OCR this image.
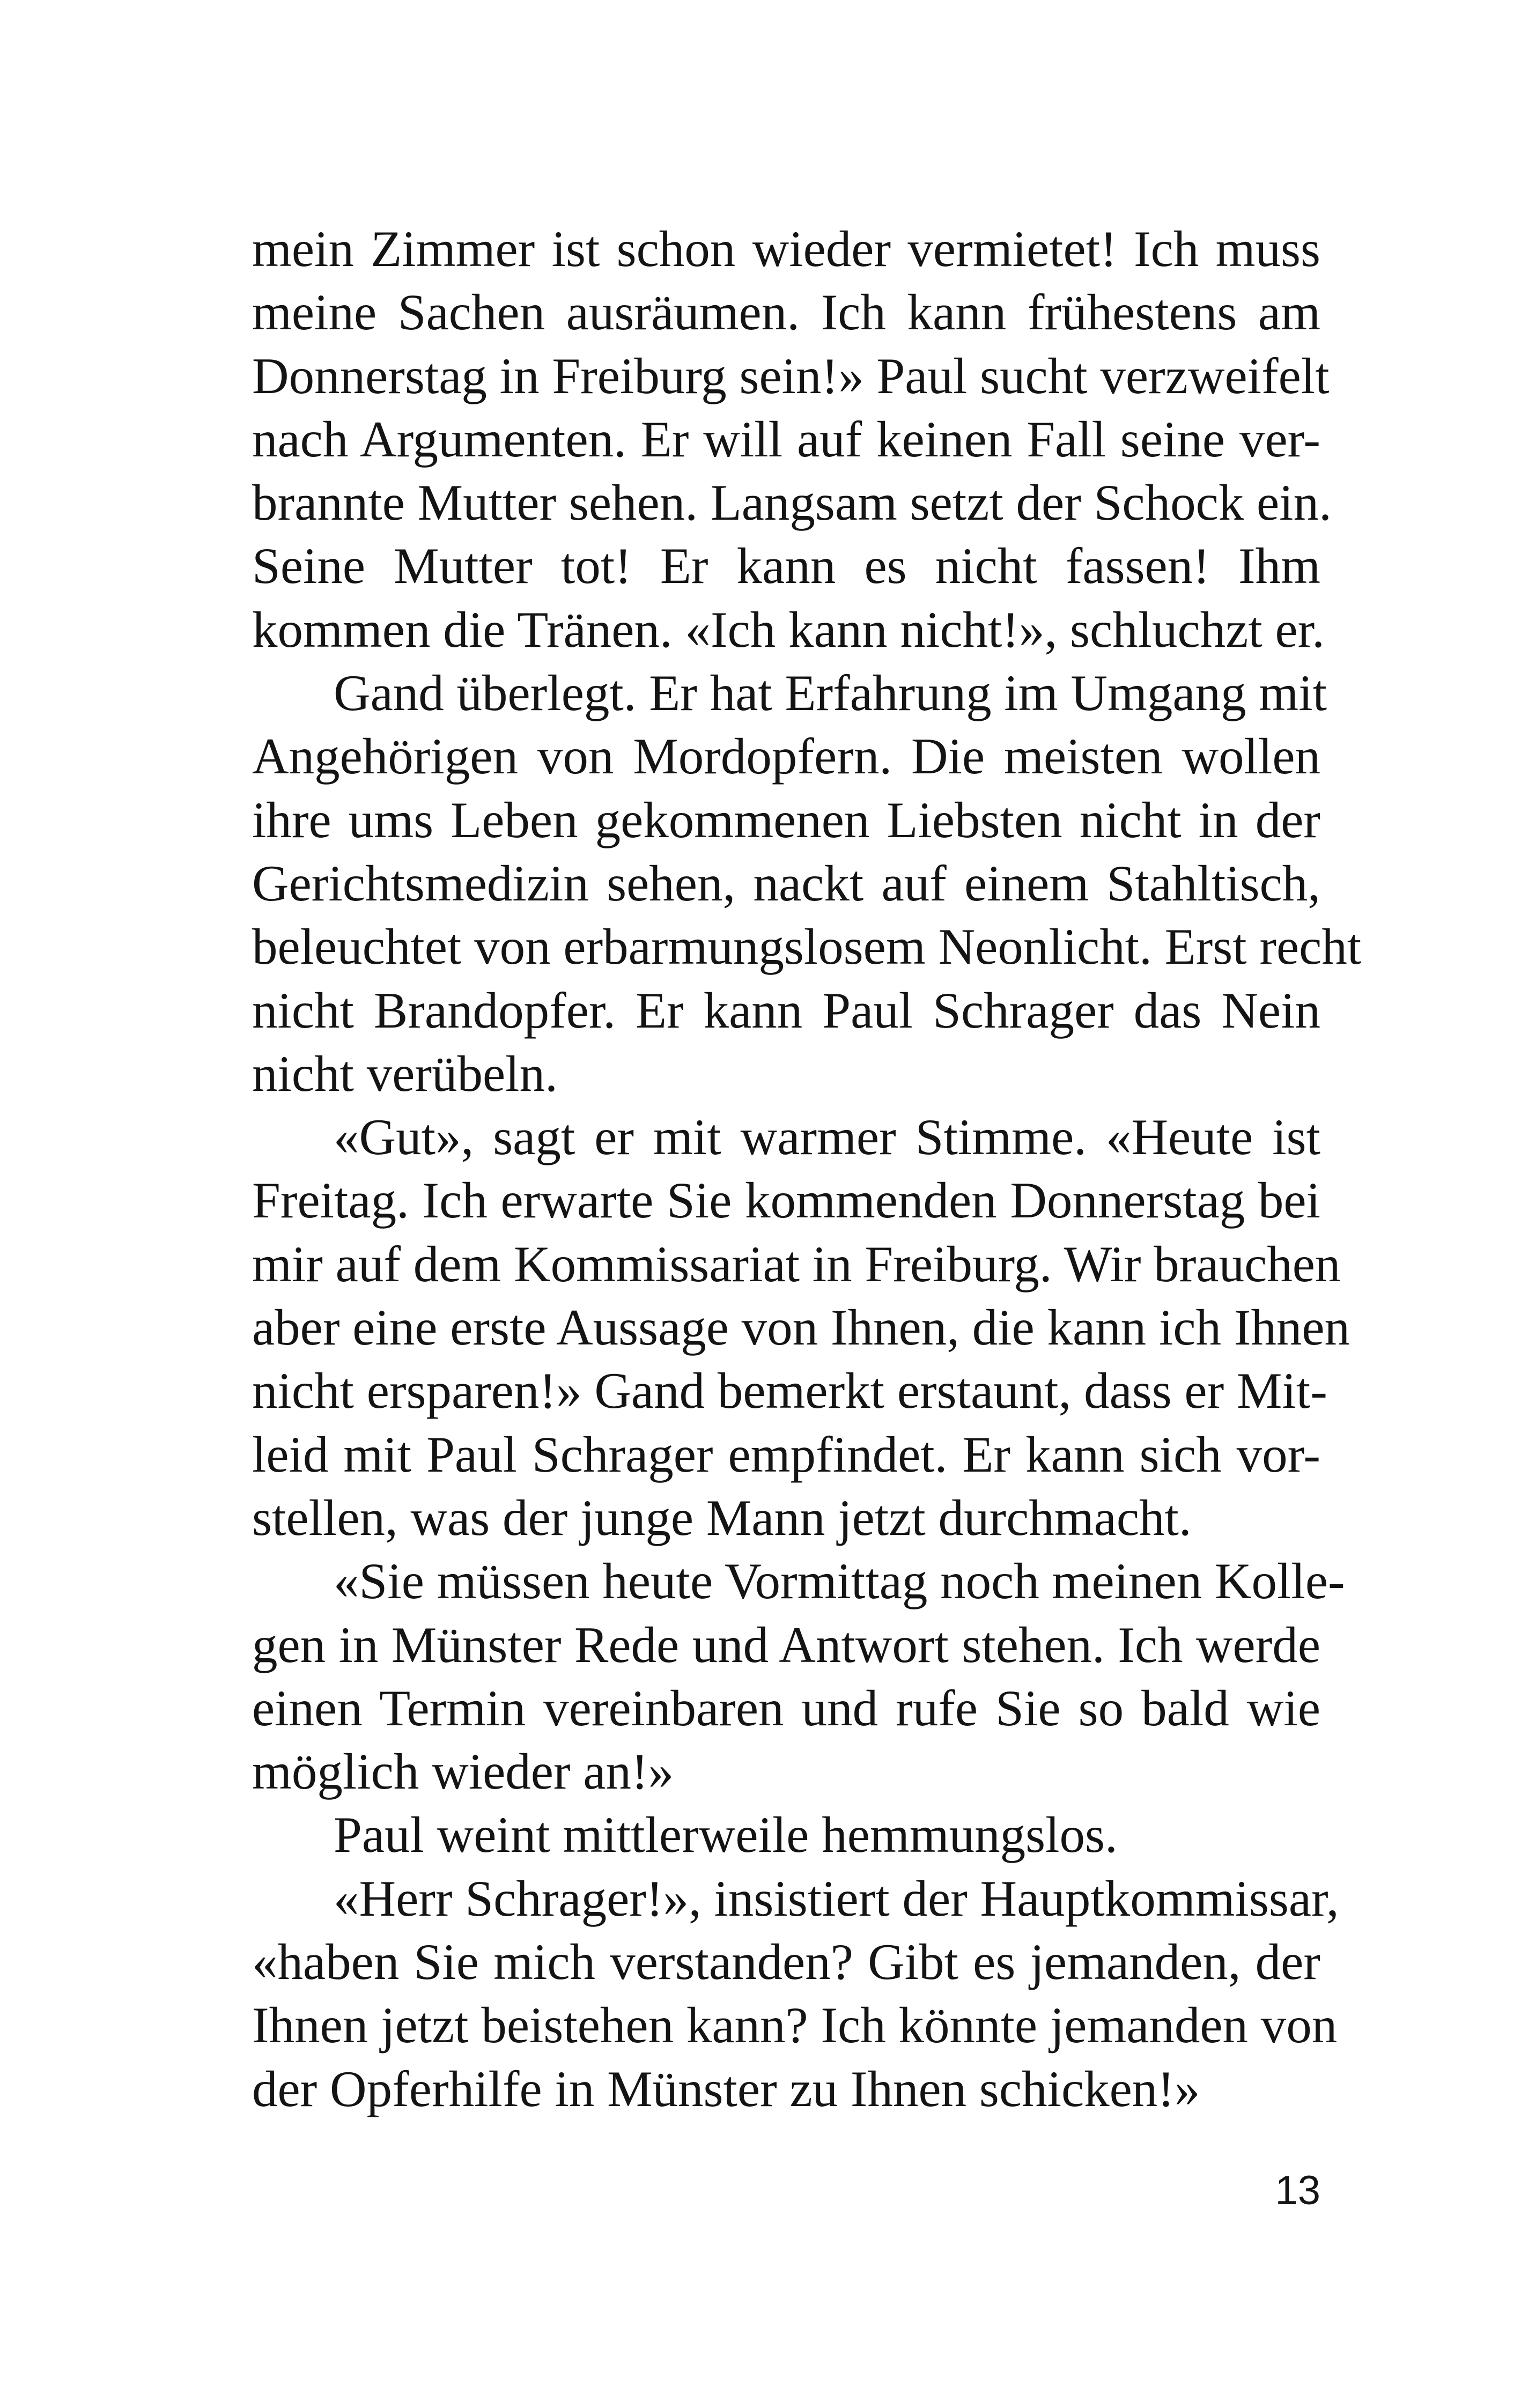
mein Zimmer ist schon wieder vermietet! Ich muss
meine Sachen ausräumen. Ich kann frühestens am
Donnerstag in Freiburg sein!» Paul sucht verzweifelt
nach Argumenten. Er will auf keinen Fall seine ver-
brannte Mutter sehen. Langsam setzt der Schock ein.
Seine Mutter tot! Er kann es nicht fassen! Ihm
kommen die Tränen. «Ich kann nicht!», schluchzt er.

Gand überlegt. Er hat Erfahrung im Umgang mit
Angehörigen von Mordopfern. Die meisten wollen
ihre ums Leben gekommenen Liebsten nicht in der
Gerichtsmedizin sehen, nackt auf einem Stahltisch,
beleuchtet von erbarmungslosem Neonlicht. Erst recht
nicht Brandopfer. Er kann Paul Schrager das Nein
nicht verübeln.

«Gut», sagt er mit warmer Stimme. «Heute ist
Freitag. Ich erwarte Sie kommenden Donnerstag bei
mir auf dem Kommissariat in Freiburg. Wir brauchen
aber eine erste Aussage von Ihnen, die kann ich Ihnen
nicht ersparen!» Gand bemerkt erstaunt, dass er Mit-
leid mit Paul Schrager empfindet. Er kann sich vor-
stellen, was der junge Mann jetzt durchmacht.

«Sie müssen heute Vormittag noch meinen Kolle-
gen in Münster Rede und Antwort stehen. Ich werde
einen Termin vereinbaren und rufe Sie so bald wie
möglich wieder an!»

Paul weint mittlerweile hemmungslos.

«Herr Schrager!», insistiert der Hauptkommissar,
«haben Sie mich verstanden? Gibt es jemanden, der
Ihnen jetzt beistehen kann? Ich könnte jemanden von
der Opferhilfe in Münster zu Ihnen schicken!»

13
